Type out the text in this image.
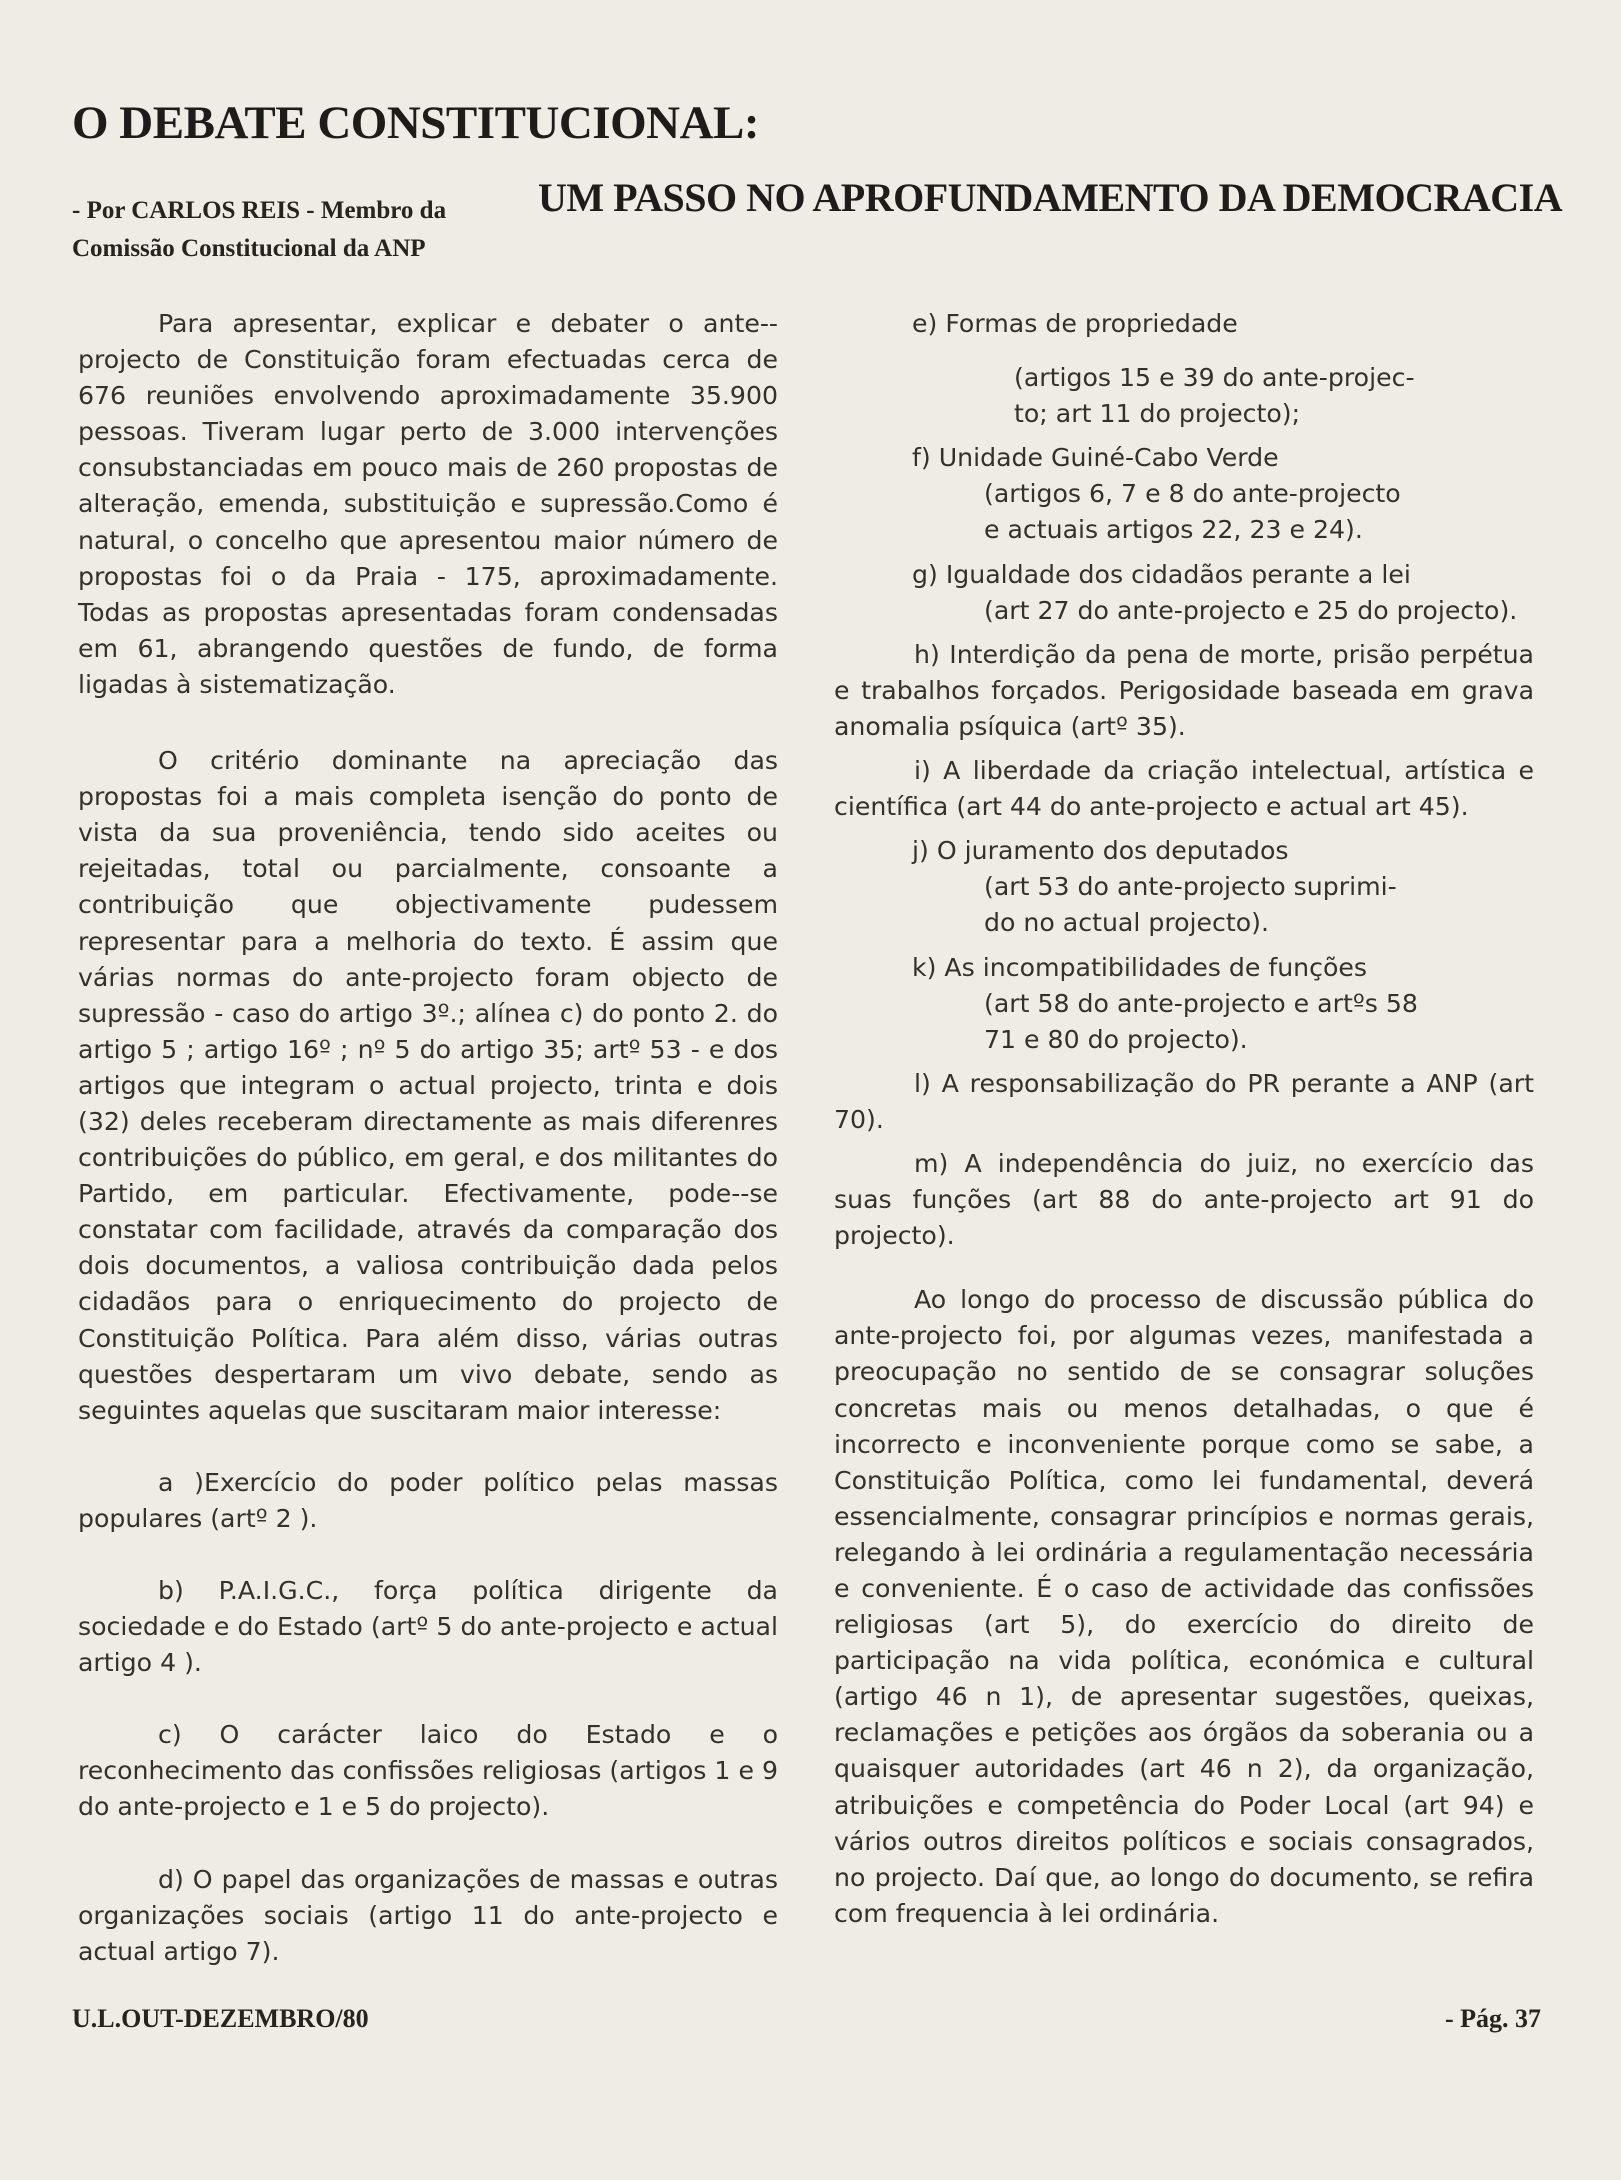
O DEBATE CONSTITUCIONAL:
- Por CARLOS REIS - Membro da
Comissão Constitucional da ANP
UM PASSO NO APROFUNDAMENTO DA DEMOCRACIA

Para apresentar, explicar e debater o ante--projecto de Constituição foram efectuadas cerca de 676 reuniões envolvendo aproximadamente 35.900 pessoas. Tiveram lugar perto de 3.000 intervenções consubstanciadas em pouco mais de 260 propostas de alteração, emenda, substituição e supressão.Como é natural, o concelho que apresentou maior número de propostas foi o da Praia - 175, aproximadamente. Todas as propostas apresentadas foram condensadas em 61, abrangendo questões de fundo, de forma ligadas à sistematização.

O critério dominante na apreciação das propostas foi a mais completa isenção do ponto de vista da sua proveniência, tendo sido aceites ou rejeitadas, total ou parcialmente, consoante a contribuição que objectivamente pudessem representar para a melhoria do texto. É assim que várias normas do ante-projecto foram objecto de supressão - caso do artigo 3º.; alínea c) do ponto 2. do artigo 5 ; artigo 16º ; nº 5 do artigo 35; artº 53 - e dos artigos que integram o actual projecto, trinta e dois (32) deles receberam directamente as mais diferenres contribuições do público, em geral, e dos militantes do Partido, em particular. Efectivamente, pode--se constatar com facilidade, através da comparação dos dois documentos, a valiosa contribuição dada pelos cidadãos para o enriquecimento do projecto de Constituição Política. Para além disso, várias outras questões despertaram um vivo debate, sendo as seguintes aquelas que suscitaram maior interesse:

a )Exercício do poder político pelas massas populares (artº 2 ).

b) P.A.I.G.C., força política dirigente da sociedade e do Estado (artº 5 do ante-projecto e actual artigo 4 ).

c) O carácter laico do Estado e o reconhecimento das confissões religiosas (artigos 1 e 9 do ante-projecto e 1 e 5 do projecto).

d) O papel das organizações de massas e outras organizações sociais (artigo 11 do ante-projecto e actual artigo 7).

e) Formas de propriedade

(artigos 15 e 39 do ante-projec-

to; art 11 do projecto);

f) Unidade Guiné-Cabo Verde

(artigos 6, 7 e 8 do ante-projecto

e actuais artigos 22, 23 e 24).

g) Igualdade dos cidadãos perante a lei

(art 27 do ante-projecto e 25 do projecto).

h) Interdição da pena de morte, prisão perpétua e trabalhos forçados. Perigosidade baseada em grava anomalia psíquica (artº 35).

i) A liberdade da criação intelectual, artística e científica (art 44 do ante-projecto e actual art 45).

j) O juramento dos deputados

(art 53 do ante-projecto suprimi-

do no actual projecto).

k) As incompatibilidades de funções

(art 58 do ante-projecto e artºs 58

71 e 80 do projecto).

l) A responsabilização do PR perante a ANP (art 70).

m) A independência do juiz, no exercício das suas funções (art 88 do ante-projecto art 91 do projecto).

Ao longo do processo de discussão pública do ante-projecto foi, por algumas vezes, manifestada a preocupação no sentido de se consagrar soluções concretas mais ou menos detalhadas, o que é incorrecto e inconveniente porque como se sabe, a Constituição Política, como lei fundamental, deverá essencialmente, consagrar princípios e normas gerais, relegando à lei ordinária a regulamentação necessária e conveniente. É o caso de actividade das confissões religiosas (art 5), do exercício do direito de participação na vida política, económica e cultural (artigo 46 n 1), de apresentar sugestões, queixas, reclamações e petições aos órgãos da soberania ou a quaisquer autoridades (art 46 n 2), da organização, atribuições e competência do Poder Local (art 94) e vários outros direitos políticos e sociais consagrados, no projecto. Daí que, ao longo do documento, se refira com frequencia à lei ordinária.

U.L.OUT-DEZEMBRO/80	- Pág. 37
